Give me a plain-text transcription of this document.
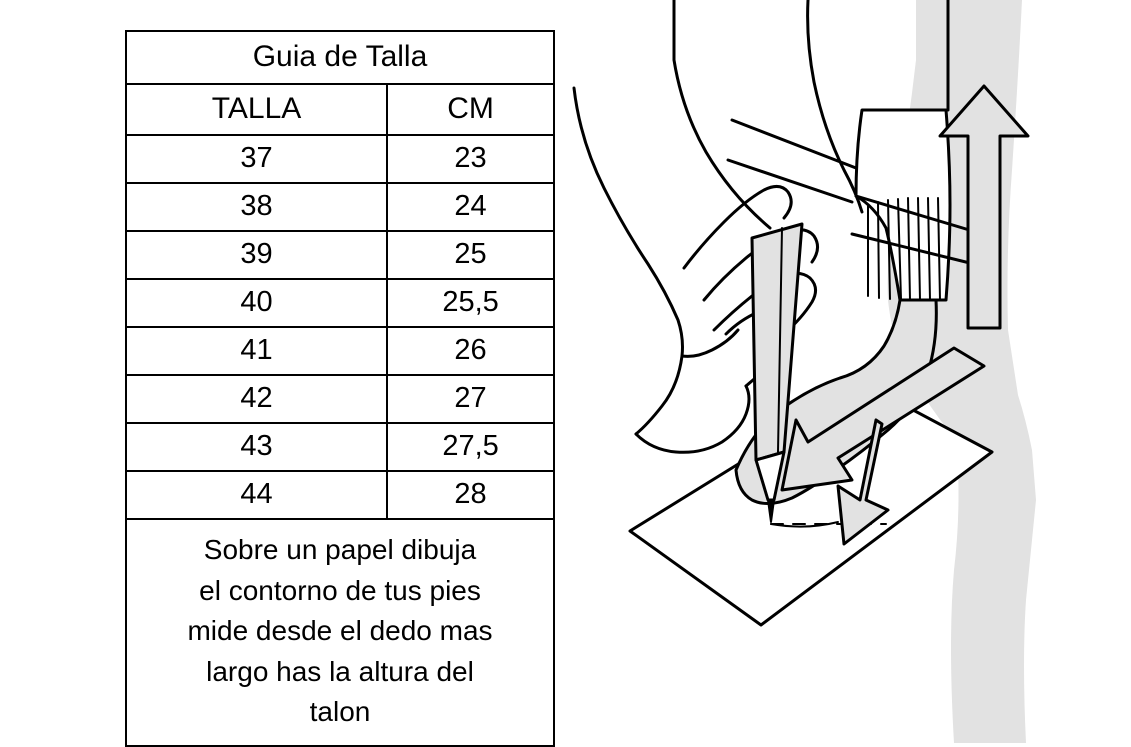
Guia de Talla	
TALLA	CM
37	23
38	24
39	25
40	25,5
41	26
42	27
43	27,5
44	28

Sobre un papel dibuja
el contorno de tus pies
mide desde el dedo mas
largo has la altura del
talon	
